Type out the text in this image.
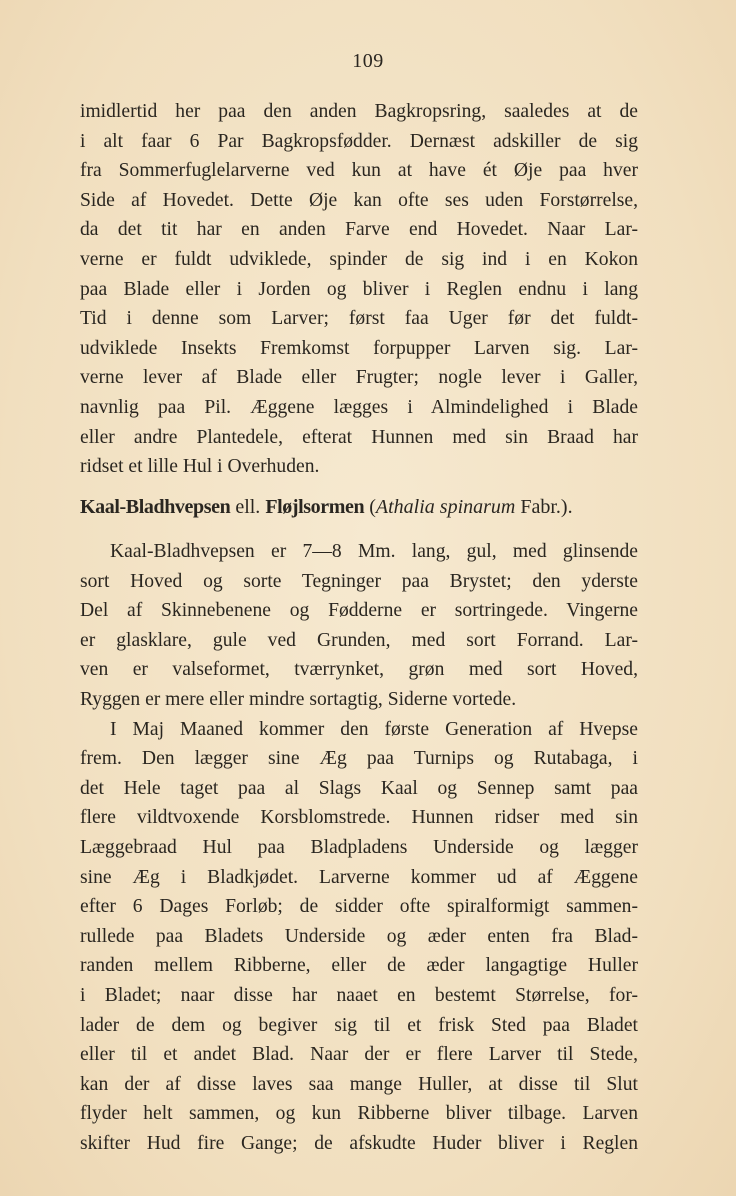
109
imidlertid her paa den anden Bagkropsring, saaledes at de
i alt faar 6 Par Bagkropsfødder. Dernæst adskiller de sig
fra Sommerfuglelarverne ved kun at have ét Øje paa hver
Side af Hovedet. Dette Øje kan ofte ses uden Forstørrelse,
da det tit har en anden Farve end Hovedet. Naar Lar-
verne er fuldt udviklede, spinder de sig ind i en Kokon
paa Blade eller i Jorden og bliver i Reglen endnu i lang
Tid i denne som Larver; først faa Uger før det fuldt-
udviklede Insekts Fremkomst forpupper Larven sig. Lar-
verne lever af Blade eller Frugter; nogle lever i Galler,
navnlig paa Pil. Æggene lægges i Almindelighed i Blade
eller andre Plantedele, efterat Hunnen med sin Braad har
ridset et lille Hul i Overhuden.
Kaal-Bladhvepsen ell. Fløjlsormen (Athalia spinarum Fabr.).
Kaal-Bladhvepsen er 7—8 Mm. lang, gul, med glinsende
sort Hoved og sorte Tegninger paa Brystet; den yderste
Del af Skinnebenene og Fødderne er sortringede. Vingerne
er glasklare, gule ved Grunden, med sort Forrand. Lar-
ven er valseformet, tværrynket, grøn med sort Hoved,
Ryggen er mere eller mindre sortagtig, Siderne vortede.
I Maj Maaned kommer den første Generation af Hvepse
frem. Den lægger sine Æg paa Turnips og Rutabaga, i
det Hele taget paa al Slags Kaal og Sennep samt paa
flere vildtvoxende Korsblomstrede. Hunnen ridser med sin
Læggebraad Hul paa Bladpladens Underside og lægger
sine Æg i Bladkjødet. Larverne kommer ud af Æggene
efter 6 Dages Forløb; de sidder ofte spiralformigt sammen-
rullede paa Bladets Underside og æder enten fra Blad-
randen mellem Ribberne, eller de æder langagtige Huller
i Bladet; naar disse har naaet en bestemt Størrelse, for-
lader de dem og begiver sig til et frisk Sted paa Bladet
eller til et andet Blad. Naar der er flere Larver til Stede,
kan der af disse laves saa mange Huller, at disse til Slut
flyder helt sammen, og kun Ribberne bliver tilbage. Larven
skifter Hud fire Gange; de afskudte Huder bliver i Reglen
